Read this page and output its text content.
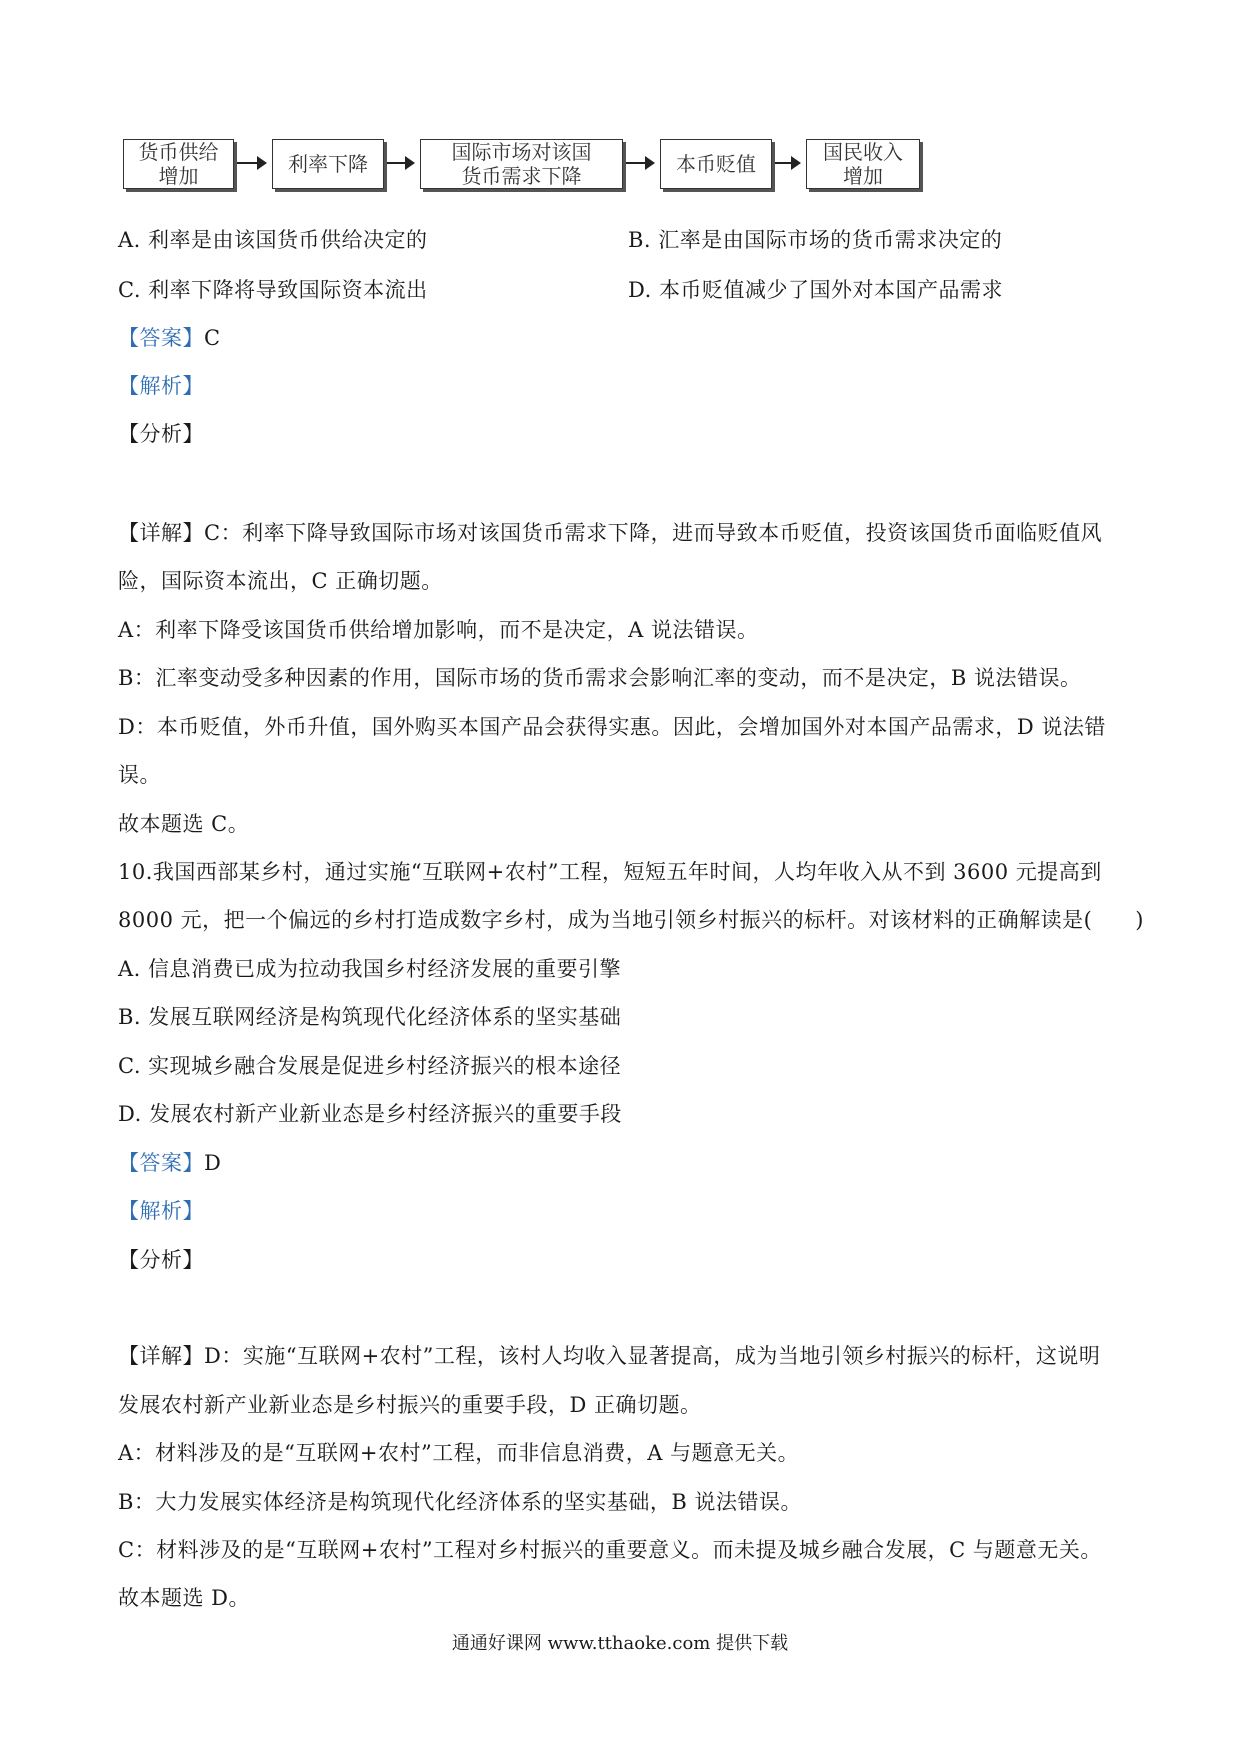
货币供给
增加	利率下降	国际市场对该国
货币需求下降	本币贬值	国民收入
增加
A. 利率是由该国货币供给决定的	B. 汇率是由国际市场的货币需求决定的
C. 利率下降将导致国际资本流出	D. 本币贬值减少了国外对本国产品需求
【答案】C
【解析】
【分析】
【详解】C：利率下降导致国际市场对该国货币需求下降，进而导致本币贬值，投资该国货币面临贬值风
险，国际资本流出，C 正确切题。
A：利率下降受该国货币供给增加影响，而不是决定，A 说法错误。
B：汇率变动受多种因素的作用，国际市场的货币需求会影响汇率的变动，而不是决定，B 说法错误。
D：本币贬值，外币升值，国外购买本国产品会获得实惠。因此，会增加国外对本国产品需求，D 说法错
误。
故本题选 C。
10.我国西部某乡村，通过实施“互联网+农村”工程，短短五年时间，人均年收入从不到 3600 元提高到
8000 元，把一个偏远的乡村打造成数字乡村，成为当地引领乡村振兴的标杆。对该材料的正确解读是(　　)
A. 信息消费已成为拉动我国乡村经济发展的重要引擎
B. 发展互联网经济是构筑现代化经济体系的坚实基础
C. 实现城乡融合发展是促进乡村经济振兴的根本途径
D. 发展农村新产业新业态是乡村经济振兴的重要手段
【答案】D
【解析】
【分析】
【详解】D：实施“互联网+农村”工程，该村人均收入显著提高，成为当地引领乡村振兴的标杆，这说明
发展农村新产业新业态是乡村振兴的重要手段，D 正确切题。
A：材料涉及的是“互联网+农村”工程，而非信息消费，A 与题意无关。
B：大力发展实体经济是构筑现代化经济体系的坚实基础，B 说法错误。
C：材料涉及的是“互联网+农村”工程对乡村振兴的重要意义。而未提及城乡融合发展，C 与题意无关。
故本题选 D。
通通好课网 www.tthaoke.com 提供下载
